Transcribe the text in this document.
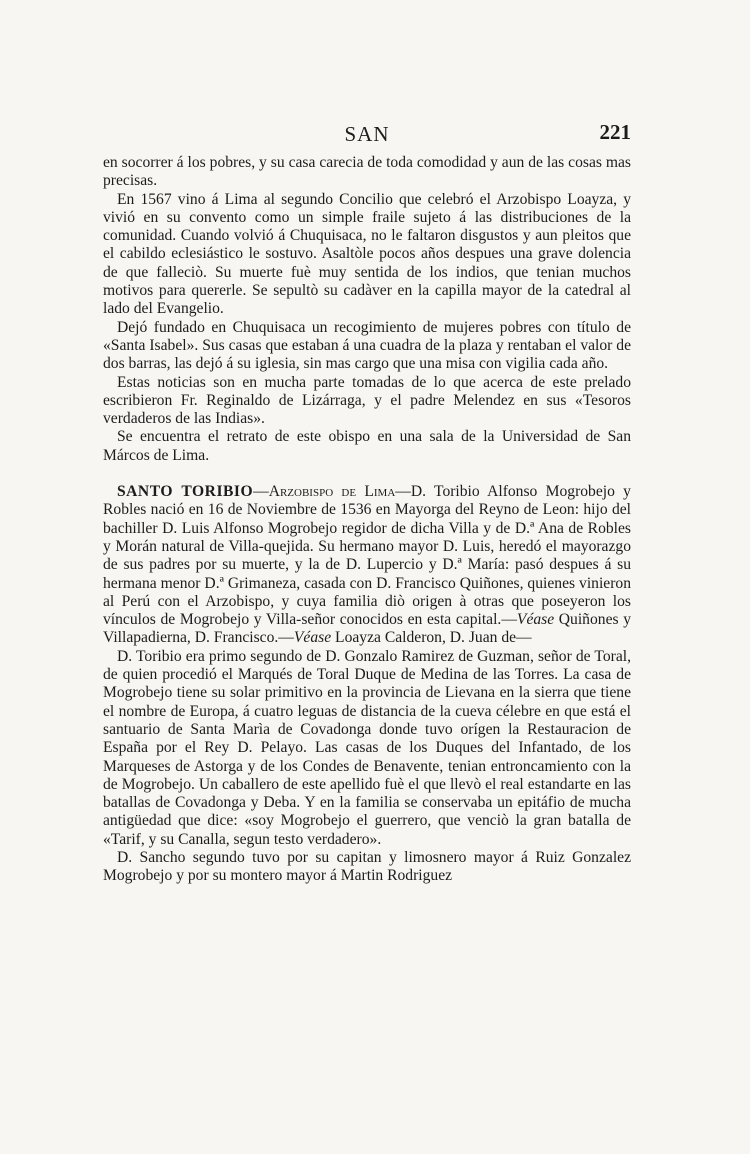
SAN	221

en socorrer á los pobres, y su casa carecia de toda comodidad y aun de las cosas mas precisas.

En 1567 vino á Lima al segundo Concilio que celebró el Arzobispo Loayza, y vivió en su convento como un simple fraile sujeto á las distribuciones de la comunidad. Cuando volvió á Chuquisaca, no le faltaron disgustos y aun pleitos que el cabildo eclesiástico le sostuvo. Asaltòle pocos años despues una grave dolencia de que falleciò. Su muerte fuè muy sentida de los indios, que tenian muchos motivos para quererle. Se sepultò su cadàver en la capilla mayor de la catedral al lado del Evangelio.

Dejó fundado en Chuquisaca un recogimiento de mujeres pobres con título de «Santa Isabel». Sus casas que estaban á una cuadra de la plaza y rentaban el valor de dos barras, las dejó á su iglesia, sin mas cargo que una misa con vigilia cada año.

Estas noticias son en mucha parte tomadas de lo que acerca de este prelado escribieron Fr. Reginaldo de Lizárraga, y el padre Melendez en sus «Tesoros verdaderos de las Indias».

Se encuentra el retrato de este obispo en una sala de la Universidad de San Márcos de Lima.

SANTO TORIBIO—Arzobispo de Lima—D. Toribio Alfonso Mogrobejo y Robles nació en 16 de Noviembre de 1536 en Mayorga del Reyno de Leon: hijo del bachiller D. Luis Alfonso Mogrobejo regidor de dicha Villa y de D.ª Ana de Robles y Morán natural de Villa-quejida. Su hermano mayor D. Luis, heredó el mayorazgo de sus padres por su muerte, y la de D. Lupercio y D.ª María: pasó despues á su hermana menor D.ª Grimaneza, casada con D. Francisco Quiñones, quienes vinieron al Perú con el Arzobispo, y cuya familia diò origen à otras que poseyeron los vínculos de Mogrobejo y Villa-señor conocidos en esta capital.—Véase Quiñones y Villapadierna, D. Francisco.—Véase Loayza Calderon, D. Juan de—

D. Toribio era primo segundo de D. Gonzalo Ramirez de Guzman, señor de Toral, de quien procedió el Marqués de Toral Duque de Medina de las Torres. La casa de Mogrobejo tiene su solar primitivo en la provincia de Lievana en la sierra que tiene el nombre de Europa, á cuatro leguas de distancia de la cueva célebre en que está el santuario de Santa Marìa de Covadonga donde tuvo orígen la Restauracion de España por el Rey D. Pelayo. Las casas de los Duques del Infantado, de los Marqueses de Astorga y de los Condes de Benavente, tenian entroncamiento con la de Mogrobejo. Un caballero de este apellido fuè el que llevò el real estandarte en las batallas de Covadonga y Deba. Y en la familia se conservaba un epitáfio de mucha antigüedad que dice: «soy Mogrobejo el guerrero, que venciò la gran batalla de «Tarif, y su Canalla, segun testo verdadero».

D. Sancho segundo tuvo por su capitan y limosnero mayor á Ruiz Gonzalez Mogrobejo y por su montero mayor á Martin Rodriguez
